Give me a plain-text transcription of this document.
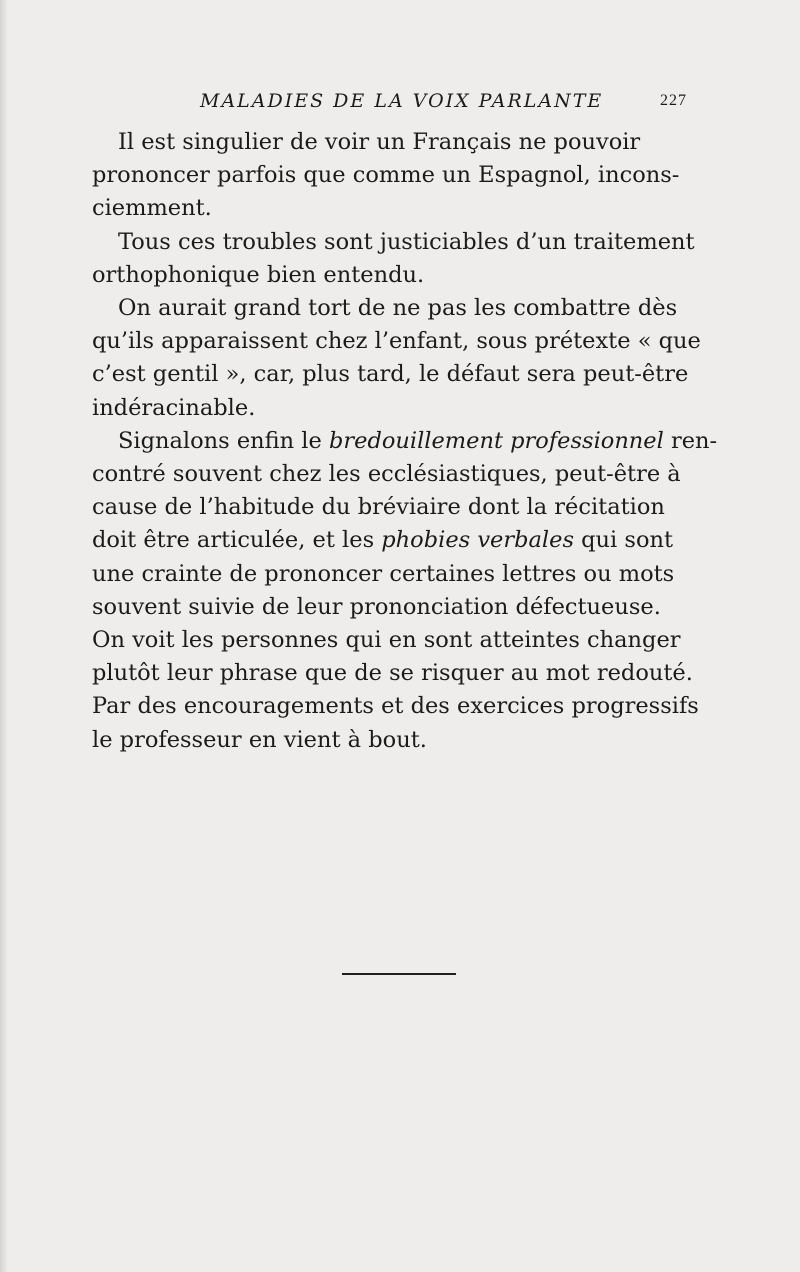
MALADIES DE LA VOIX PARLANTE	227
Il est singulier de voir un Français ne pouvoir
prononcer parfois que comme un Espagnol, incons-
ciemment.
Tous ces troubles sont justiciables d’un traitement
orthophonique bien entendu.
On aurait grand tort de ne pas les combattre dès
qu’ils apparaissent chez l’enfant, sous prétexte « que
c’est gentil », car, plus tard, le défaut sera peut-être
indéracinable.
Signalons enfin le bredouillement professionnel ren-
contré souvent chez les ecclésiastiques, peut-être à
cause de l’habitude du bréviaire dont la récitation
doit être articulée, et les phobies verbales qui sont
une crainte de prononcer certaines lettres ou mots
souvent suivie de leur prononciation défectueuse.
On voit les personnes qui en sont atteintes changer
plutôt leur phrase que de se risquer au mot redouté.
Par des encouragements et des exercices progressifs
le professeur en vient à bout.
